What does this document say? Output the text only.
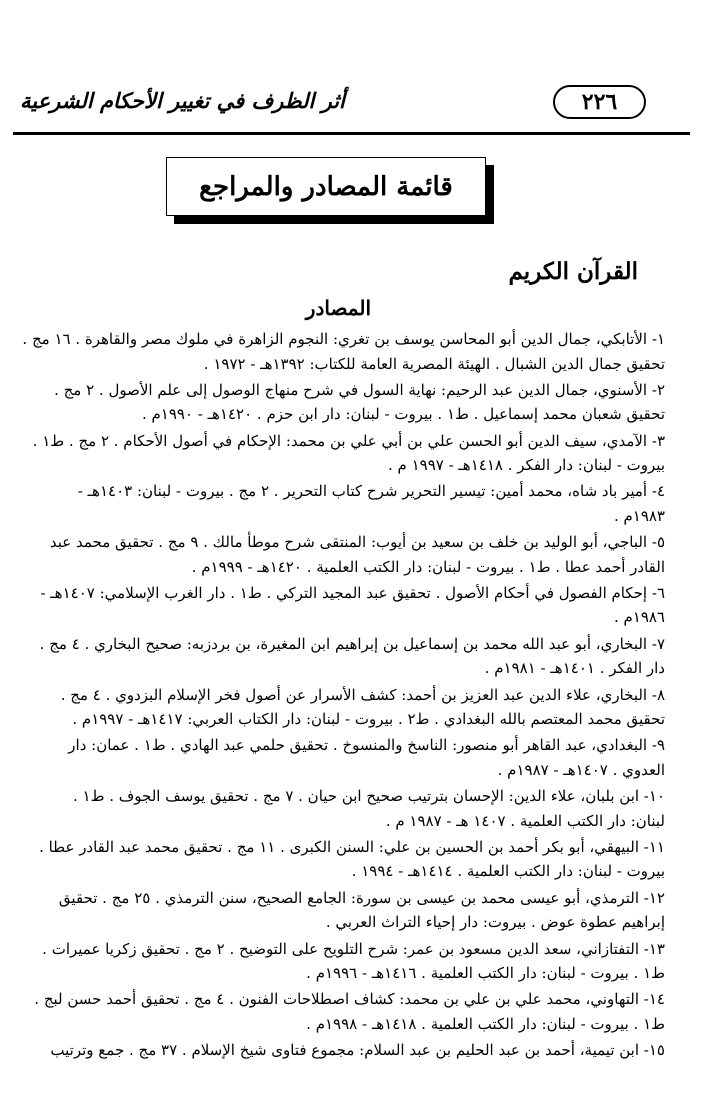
٢٢٦
أثر الظرف في تغيير الأحكام الشرعية
قائمة المصادر والمراجع
القرآن الكريم
المصادر
١- الأتابكي، جمال الدين أبو المحاسن يوسف بن تغري: النجوم الزاهرة في ملوك مصر والقاهرة . ١٦ مج .
تحقيق جمال الدين الشبال . الهيئة المصرية العامة للكتاب: ١٣٩٢هـ - ١٩٧٢ .
٢- الأسنوي، جمال الدين عبد الرحيم: نهاية السول في شرح منهاج الوصول إلى علم الأصول . ٢ مج .
تحقيق شعبان محمد إسماعيل . ط١ . بيروت - لبنان: دار ابن حزم . ١٤٢٠هـ - ١٩٩٠م .
٣- الآمدي، سيف الدين أبو الحسن علي بن أبي علي بن محمد: الإحكام في أصول الأحكام . ٢ مج . ط١ .
بيروت - لبنان: دار الفكر . ١٤١٨هـ - ١٩٩٧ م .
٤- أمير باد شاه، محمد أمين: تيسير التحرير شرح كتاب التحرير . ٢ مج . بيروت - لبنان: ١٤٠٣هـ -
١٩٨٣م .
٥- الباجي، أبو الوليد بن خلف بن سعيد بن أيوب: المنتقى شرح موطأ مالك . ٩ مج . تحقيق محمد عبد
القادر أحمد عطا . ط١ . بيروت - لبنان: دار الكتب العلمية . ١٤٢٠هـ - ١٩٩٩م .
٦- إحكام الفصول في أحكام الأصول . تحقيق عبد المجيد التركي . ط١ . دار الغرب الإسلامي: ١٤٠٧هـ -
١٩٨٦م .
٧- البخاري، أبو عبد الله محمد بن إسماعيل بن إبراهيم ابن المغيرة، بن بردزبه: صحيح البخاري . ٤ مج .
دار الفكر . ١٤٠١هـ - ١٩٨١م .
٨- البخاري، علاء الدين عبد العزيز بن أحمد: كشف الأسرار عن أصول فخر الإسلام البزدوي . ٤ مج .
تحقيق محمد المعتصم بالله البغدادي . ط٢ . بيروت - لبنان: دار الكتاب العربي: ١٤١٧هـ - ١٩٩٧م .
٩- البغدادي، عبد القاهر أبو منصور: الناسخ والمنسوخ . تحقيق حلمي عبد الهادي . ط١ . عمان: دار
العدوي . ١٤٠٧هـ - ١٩٨٧م .
١٠- ابن بلبان، علاء الدين: الإحسان بترتيب صحيح ابن حيان . ٧ مج . تحقيق يوسف الجوف . ط١ .
لبنان: دار الكتب العلمية . ١٤٠٧ هـ - ١٩٨٧ م .
١١- البيهقي، أبو بكر أحمد بن الحسين بن علي: السنن الكبرى . ١١ مج . تحقيق محمد عبد القادر عطا .
بيروت - لبنان: دار الكتب العلمية . ١٤١٤هـ - ١٩٩٤ .
١٢- الترمذي، أبو عيسى محمد بن عيسى بن سورة: الجامع الصحيح، سنن الترمذي . ٢٥ مج . تحقيق
إبراهيم عطوة عوض . بيروت: دار إحياء التراث العربي .
١٣- التفتازاني، سعد الدين مسعود بن عمر: شرح التلويح على التوضيح . ٢ مج . تحقيق زكريا عميرات .
ط١ . بيروت - لبنان: دار الكتب العلمية . ١٤١٦هـ - ١٩٩٦م .
١٤- التهاوني، محمد علي بن علي بن محمد: كشاف اصطلاحات الفنون . ٤ مج . تحقيق أحمد حسن لبج .
ط١ . بيروت - لبنان: دار الكتب العلمية . ١٤١٨هـ - ١٩٩٨م .
١٥- ابن تيمية، أحمد بن عبد الحليم بن عبد السلام: مجموع فتاوى شيخ الإسلام . ٣٧ مج . جمع وترتيب
